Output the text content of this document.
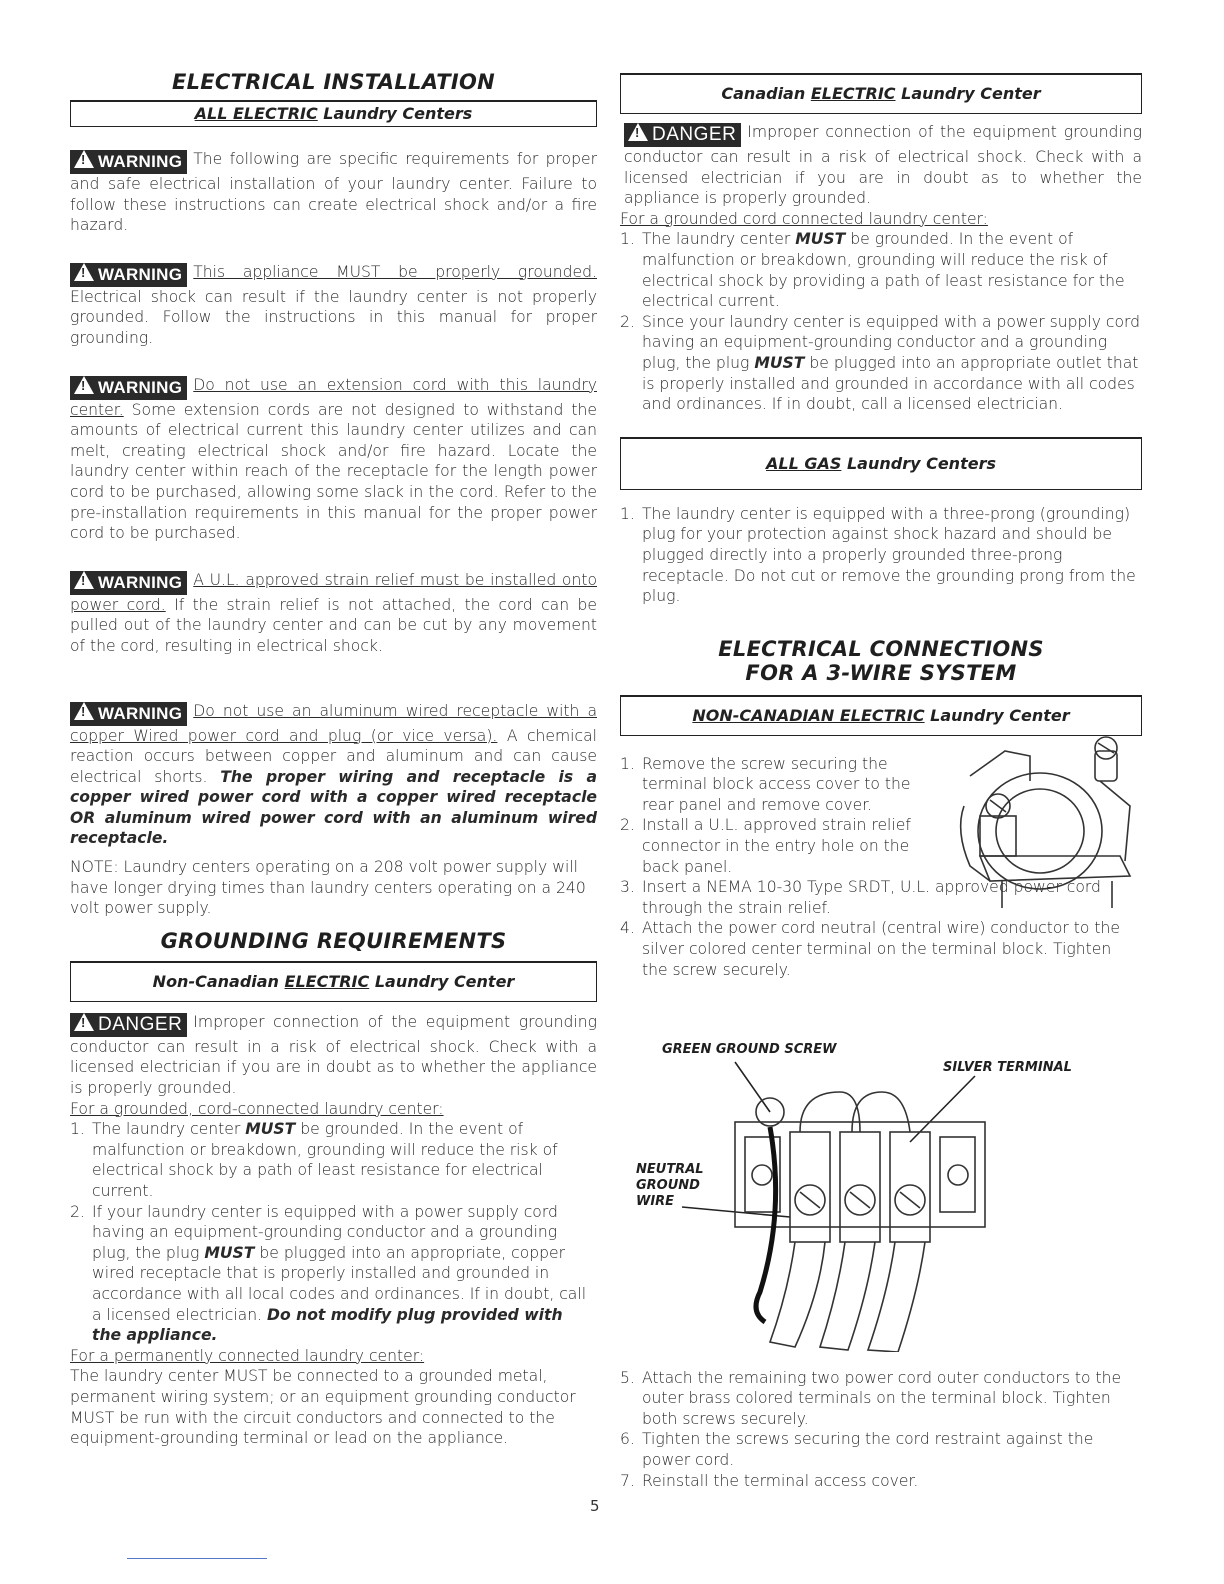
ELECTRICAL INSTALLATION
ALL ELECTRIC Laundry Centers

!WARNING The following are specific requirements for proper and safe electrical installation of your laundry center. Failure to follow these instructions can create electrical shock and/or a fire hazard.

!WARNING This appliance MUST be properly grounded. Electrical shock can result if the laundry center is not properly grounded. Follow the instructions in this manual for proper grounding.

!WARNING Do not use an extension cord with this laundry center. Some extension cords are not designed to withstand the amounts of electrical current this laundry center utilizes and can melt, creating electrical shock and/or fire hazard. Locate the laundry center within reach of the receptacle for the length power cord to be purchased, allowing some slack in the cord. Refer to the pre-installation requirements in this manual for the proper power cord to be purchased.

!WARNING A U.L. approved strain relief must be installed onto power cord. If the strain relief is not attached, the cord can be pulled out of the laundry center and can be cut by any movement of the cord, resulting in electrical shock.

!WARNING Do not use an aluminum wired receptacle with a copper Wired power cord and plug (or vice versa). A chemical reaction occurs between copper and aluminum and can cause electrical shorts. The proper wiring and receptacle is a copper wired power cord with a copper wired receptacle OR aluminum wired power cord with an aluminum wired receptacle.

NOTE: Laundry centers operating on a 208 volt power supply will have longer drying times than laundry centers operating on a 240 volt power supply.

GROUNDING REQUIREMENTS
Non-Canadian ELECTRIC Laundry Center

!DANGER Improper connection of the equipment grounding conductor can result in a risk of electrical shock. Check with a licensed electrician if you are in doubt as to whether the appliance is properly grounded.

For a grounded, cord-connected laundry center:

1. The laundry center MUST be grounded. In the event of malfunction or breakdown, grounding will reduce the risk of electrical shock by a path of least resistance for electrical current.
2. If your laundry center is equipped with a power supply cord having an equipment-grounding conductor and a grounding plug, the plug MUST be plugged into an appropriate, copper wired receptacle that is properly installed and grounded in accordance with all local codes and ordinances. If in doubt, call a licensed electrician. Do not modify plug provided with the appliance.

For a permanently connected laundry center:

The laundry center MUST be connected to a grounded metal, permanent wiring system; or an equipment grounding conductor MUST be run with the circuit conductors and connected to the equipment-grounding terminal or lead on the appliance.

Canadian ELECTRIC Laundry Center

!DANGER Improper connection of the equipment grounding conductor can result in a risk of electrical shock. Check with a licensed electrician if you are in doubt as to whether the appliance is properly grounded.

For a grounded cord connected laundry center:

1. The laundry center MUST be grounded. In the event of malfunction or breakdown, grounding will reduce the risk of electrical shock by providing a path of least resistance for the electrical current.
2. Since your laundry center is equipped with a power supply cord having an equipment-grounding conductor and a grounding plug, the plug MUST be plugged into an appropriate outlet that is properly installed and grounded in accordance with all codes and ordinances. If in doubt, call a licensed electrician.
ALL GAS Laundry Centers
1. The laundry center is equipped with a three-prong (grounding) plug for your protection against shock hazard and should be plugged directly into a properly grounded three-prong receptacle. Do not cut or remove the grounding prong from the plug.
ELECTRICAL CONNECTIONS
FOR A 3-WIRE SYSTEM
NON-CANADIAN ELECTRIC Laundry Center
1. Remove the screw securing the terminal block access cover to the rear panel and remove cover.
2. Install a U.L. approved strain relief connector in the entry hole on the back panel.
3. Insert a NEMA 10-30 Type SRDT, U.L. approved power cord through the strain relief.
4. Attach the power cord neutral (central wire) conductor to the silver colored center terminal on the terminal block. Tighten the screw securely.
GREEN GROUND SCREW
SILVER TERMINAL
NEUTRAL
GROUND
WIRE
5. Attach the remaining two power cord outer conductors to the outer brass colored terminals on the terminal block. Tighten both screws securely.
6. Tighten the screws securing the cord restraint against the power cord.
7. Reinstall the terminal access cover.
5
